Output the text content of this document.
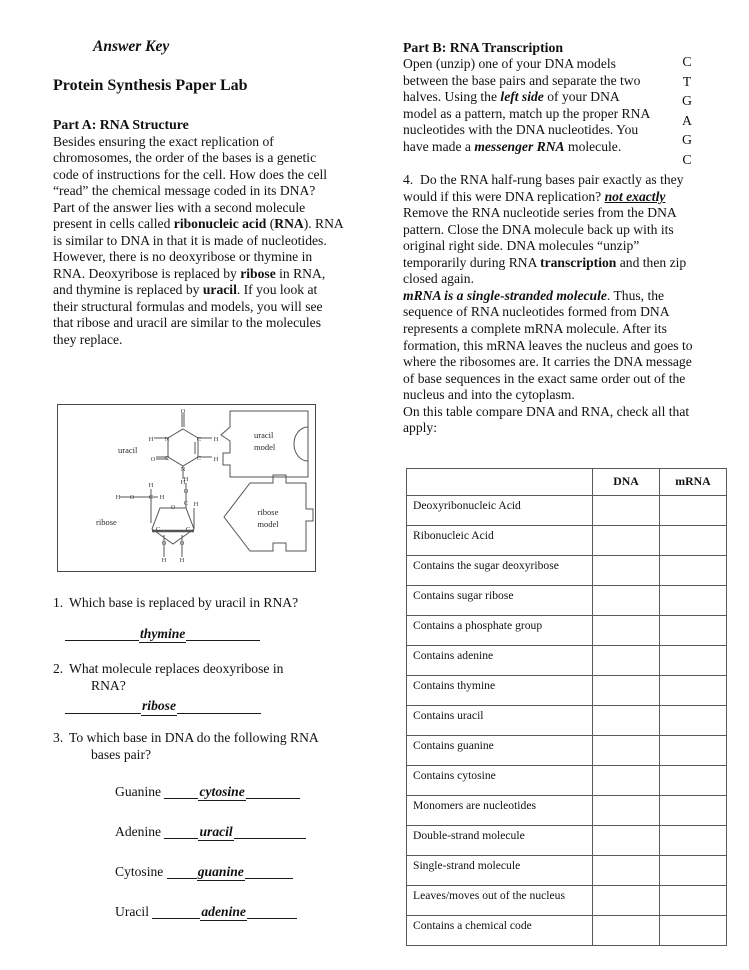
Answer Key
Protein Synthesis Paper Lab
Part A: RNA Structure
Besides ensuring the exact replication of chromosomes, the order of the bases is a genetic code of instructions for the cell. How does the cell “read” the chemical message coded in its DNA?
Part of the answer lies with a second molecule present in cells called ribonucleic acid (RNA). RNA is similar to DNA in that it is made of nucleotides. However, there is no deoxyribose or thymine in RNA. Deoxyribose is replaced by ribose in RNA, and thymine is replaced by uracil. If you look at their structural formulas and models, you will see that ribose and uracil are similar to the molecules they replace.
O
N	C
C	C
N
H
H
O
H
H
uracil
uracil
model
H O C H
H
O
C	C
C
O
H
H
O O
H H
ribose
ribose
model
1. Which base is replaced by uracil in RNA?
thymine
2. What molecule replaces deoxyribose in
RNA?
ribose
3. To which base in DNA do the following RNA
bases pair?
Guanine	cytosine
Adenine	uracil
Cytosine	guanine
Uracil	adenine
Part B: RNA Transcription
Open (unzip) one of your DNA models between the base pairs and separate the two halves. Using the left side of your DNA model as a pattern, match up the proper RNA nucleotides with the DNA nucleotides. You have made a messenger RNA molecule.
4. Do the RNA half-rung bases pair exactly as they would if this were DNA replication? not exactly
Remove the RNA nucleotide series from the DNA pattern. Close the DNA molecule back up with its original right side. DNA molecules “unzip” temporarily during RNA transcription and then zip closed again.
mRNA is a single-stranded molecule. Thus, the sequence of RNA nucleotides formed from DNA represents a complete mRNA molecule. After its formation, this mRNA leaves the nucleus and goes to where the ribosomes are. It carries the DNA message of base sequences in the exact same order out of the nucleus and into the cytoplasm.
On this table compare DNA and RNA, check all that apply:
C
T
G
A
G
C
	DNA	mRNA
Deoxyribonucleic Acid		
Ribonucleic Acid		
Contains the sugar deoxyribose		
Contains sugar ribose		
Contains a phosphate group		
Contains adenine		
Contains thymine		
Contains uracil		
Contains guanine		
Contains cytosine		
Monomers are nucleotides		
Double-strand molecule		
Single-strand molecule		
Leaves/moves out of the nucleus		
Contains a chemical code		
